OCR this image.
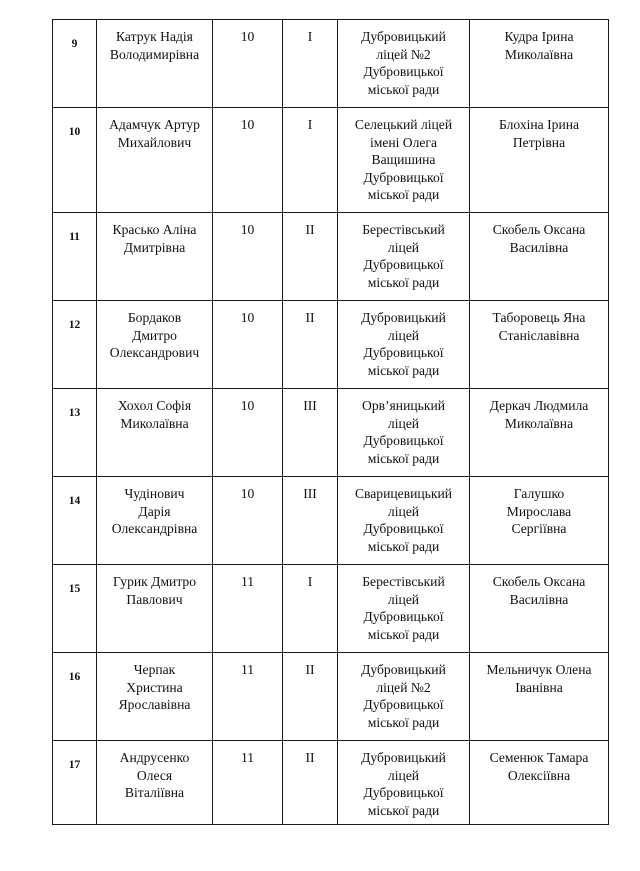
9	Катрук Надія
Володимирівна	10	I	Дубровицький
ліцей №2
Дубровицької
міської ради	Кудра Ірина
Миколаївна
10	Адамчук Артур
Михайлович	10	I	Селецький ліцей
імені Олега
Ващишина
Дубровицької
міської ради	Блохіна Ірина
Петрівна
11	Красько Аліна
Дмитрівна	10	II	Берестівський
ліцей
Дубровицької
міської ради	Скобель Оксана
Василівна
12	Бордаков
Дмитро
Олександрович	10	II	Дубровицький
ліцей
Дубровицької
міської ради	Таборовець Яна
Станіславівна
13	Хохол Софія
Миколаївна	10	III	Орв’яницький
ліцей
Дубровицької
міської ради	Деркач Людмила
Миколаївна
14	Чудінович
Дарія
Олександрівна	10	III	Сварицевицький
ліцей
Дубровицької
міської ради	Галушко
Мирослава
Сергіївна
15	Гурик Дмитро
Павлович	11	I	Берестівський
ліцей
Дубровицької
міської ради	Скобель Оксана
Василівна
16	Черпак
Христина
Ярославівна	11	II	Дубровицький
ліцей №2
Дубровицької
міської ради	Мельничук Олена
Іванівна
17	Андрусенко
Олеся
Віталіївна	11	II	Дубровицький
ліцей
Дубровицької
міської ради	Семенюк Тамара
Олексіївна
